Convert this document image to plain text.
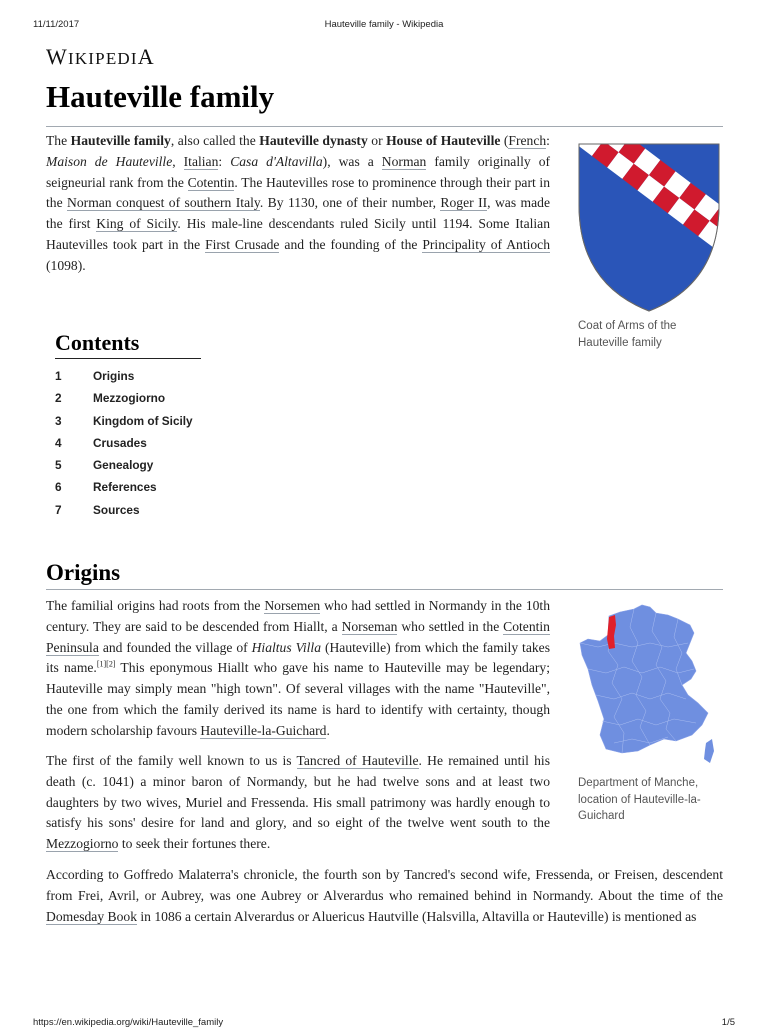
11/11/2017	Hauteville family - Wikipedia
WIKIPEDIA
Hauteville family

The Hauteville family, also called the Hauteville dynasty or House of Hauteville (French: Maison de Hauteville, Italian: Casa d'Altavilla), was a Norman family originally of seigneurial rank from the Cotentin. The Hautevilles rose to prominence through their part in the Norman conquest of southern Italy. By 1130, one of their number, Roger II, was made the first King of Sicily. His male-line descendants ruled Sicily until 1194. Some Italian Hautevilles took part in the First Crusade and the founding of the Principality of Antioch (1098).

Coat of Arms of the Hauteville family
Contents
1	Origins
2	Mezzogiorno
3	Kingdom of Sicily
4	Crusades
5	Genealogy
6	References
7	Sources
Origins

The familial origins had roots from the Norsemen who had settled in Normandy in the 10th century. They are said to be descended from Hiallt, a Norseman who settled in the Cotentin Peninsula and founded the village of Hialtus Villa (Hauteville) from which the family takes its name.[1][2] This eponymous Hiallt who gave his name to Hauteville may be legendary; Hauteville may simply mean "high town". Of several villages with the name "Hauteville", the one from which the family derived its name is hard to identify with certainty, though modern scholarship favours Hauteville-la-Guichard.

The first of the family well known to us is Tancred of Hauteville. He remained until his death (c. 1041) a minor baron of Normandy, but he had twelve sons and at least two daughters by two wives, Muriel and Fressenda. His small patrimony was hardly enough to satisfy his sons' desire for land and glory, and so eight of the twelve went south to the Mezzogiorno to seek their fortunes there.

According to Goffredo Malaterra's chronicle, the fourth son by Tancred's second wife, Fressenda, or Freisen, descendent from Frei, Avril, or Aubrey, was one Aubrey or Alverardus who remained behind in Normandy. About the time of the Domesday Book in 1086 a certain Alverardus or Aluericus Hautville (Halsvilla, Altavilla or Hauteville) is mentioned as

Department of Manche, location of Hauteville-la-Guichard
https://en.wikipedia.org/wiki/Hauteville_family	1/5
